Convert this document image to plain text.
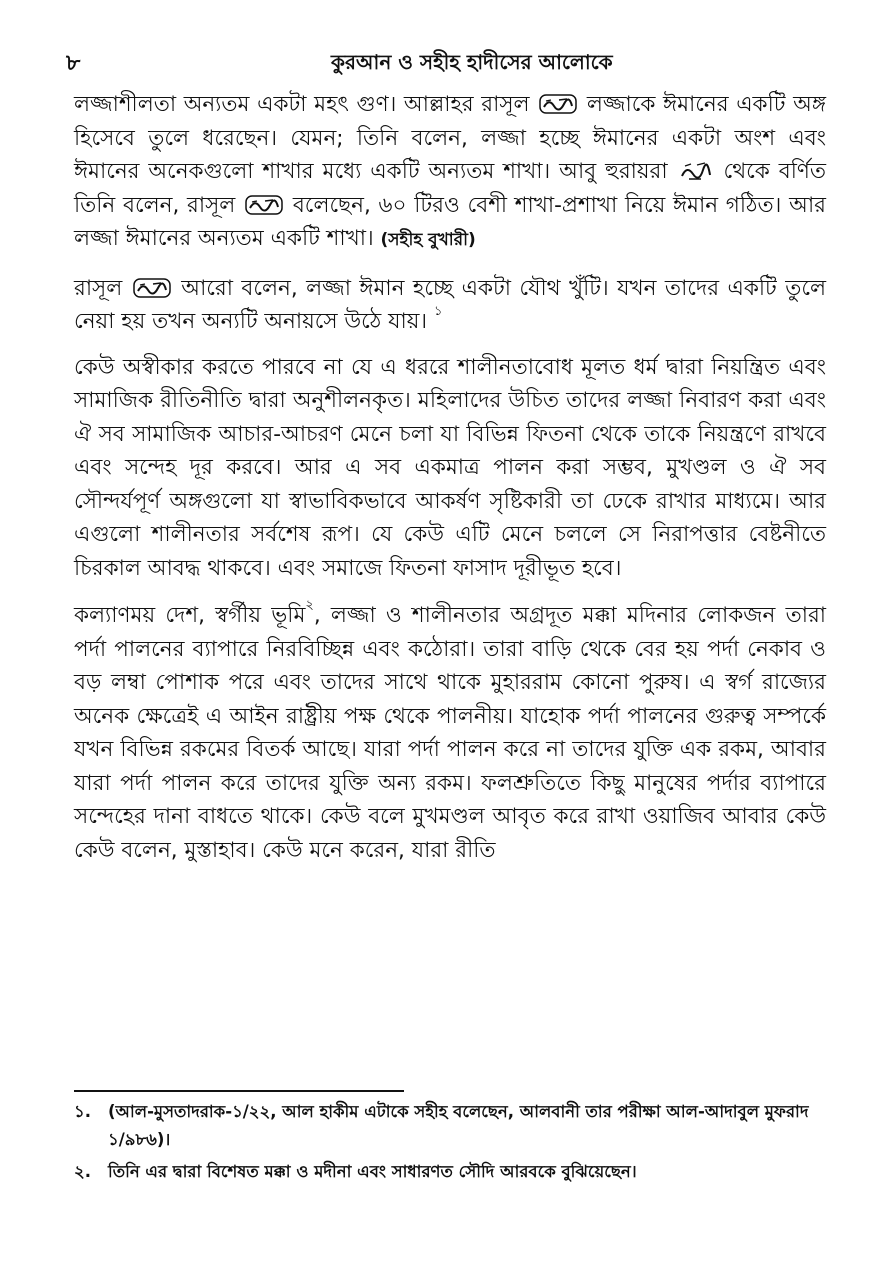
৮	কুরআন ও সহীহ হাদীসের আলোকে

লজ্জাশীলতা অন্যতম একটা মহৎ গুণ। আল্লাহর রাসূল	লজ্জাকে ঈমানের একটি অঙ্গ হিসেবে তুলে ধরেছেন। যেমন; তিনি বলেন, লজ্জা হচ্ছে ঈমানের একটা অংশ এবং ঈমানের অনেকগুলো শাখার মধ্যে একটি অন্যতম শাখা। আবু হুরায়রা	থেকে বর্ণিত তিনি বলেন, রাসূল	বলেছেন, ৬০ টিরও বেশী শাখা-প্রশাখা নিয়ে ঈমান গঠিত। আর লজ্জা ঈমানের অন্যতম একটি শাখা। (সহীহ বুখারী)

রাসূল	আরো বলেন, লজ্জা ঈমান হচ্ছে একটা যৌথ খুঁটি। যখন তাদের একটি তুলে নেয়া হয় তখন অন্যটি অনায়সে উঠে যায়। $^১$

কেউ অস্বীকার করতে পারবে না যে এ ধররে শালীনতাবোধ মূলত ধর্ম দ্বারা নিয়ন্ত্রিত এবং সামাজিক রীতিনীতি দ্বারা অনুশীলনকৃত। মহিলাদের উচিত তাদের লজ্জা নিবারণ করা এবং ঐ সব সামাজিক আচার-আচরণ মেনে চলা যা বিভিন্ন ফিতনা থেকে তাকে নিয়ন্ত্রণে রাখবে এবং সন্দেহ দূর করবে। আর এ সব একমাত্র পালন করা সম্ভব, মুখণ্ডল ও ঐ সব সৌন্দর্যপূর্ণ অঙ্গগুলো যা স্বাভাবিকভাবে আকর্ষণ সৃষ্টিকারী তা ঢেকে রাখার মাধ্যমে। আর এগুলো শালীনতার সর্বশেষ রূপ। যে কেউ এটি মেনে চললে সে নিরাপত্তার বেষ্টনীতে চিরকাল আবদ্ধ থাকবে। এবং সমাজে ফিতনা ফাসাদ দূরীভূত হবে।

কল্যাণময় দেশ, স্বর্গীয় ভূমি$^২$, লজ্জা ও শালীনতার অগ্রদূত মক্কা মদিনার লোকজন তারা পর্দা পালনের ব্যাপারে নিরবিচ্ছিন্ন এবং কঠোরা। তারা বাড়ি থেকে বের হয় পর্দা নেকাব ও বড় লম্বা পোশাক পরে এবং তাদের সাথে থাকে মুহাররাম কোনো পুরুষ। এ স্বর্গ রাজ্যের অনেক ক্ষেত্রেই এ আইন রাষ্ট্রীয় পক্ষ থেকে পালনীয়। যাহোক পর্দা পালনের গুরুত্ব সম্পর্কে যখন বিভিন্ন রকমের বিতর্ক আছে। যারা পর্দা পালন করে না তাদের যুক্তি এক রকম, আবার যারা পর্দা পালন করে তাদের যুক্তি অন্য রকম। ফলশ্রুতিতে কিছু মানুষের পর্দার ব্যাপারে সন্দেহের দানা বাধতে থাকে। কেউ বলে মুখমণ্ডল আবৃত করে রাখা ওয়াজিব আবার কেউ কেউ বলেন, মুস্তাহাব। কেউ মনে করেন, যারা রীতি

১. (আল-মুসতাদরাক-১/২২, আল হাকীম এটাকে সহীহ বলেছেন, আলবানী তার পরীক্ষা আল-আদাবুল মুফরাদ ১/৯৮৬)।
২. তিনি এর দ্বারা বিশেষত মক্কা ও মদীনা এবং সাধারণত সৌদি আরবকে বুঝিয়েছেন।
